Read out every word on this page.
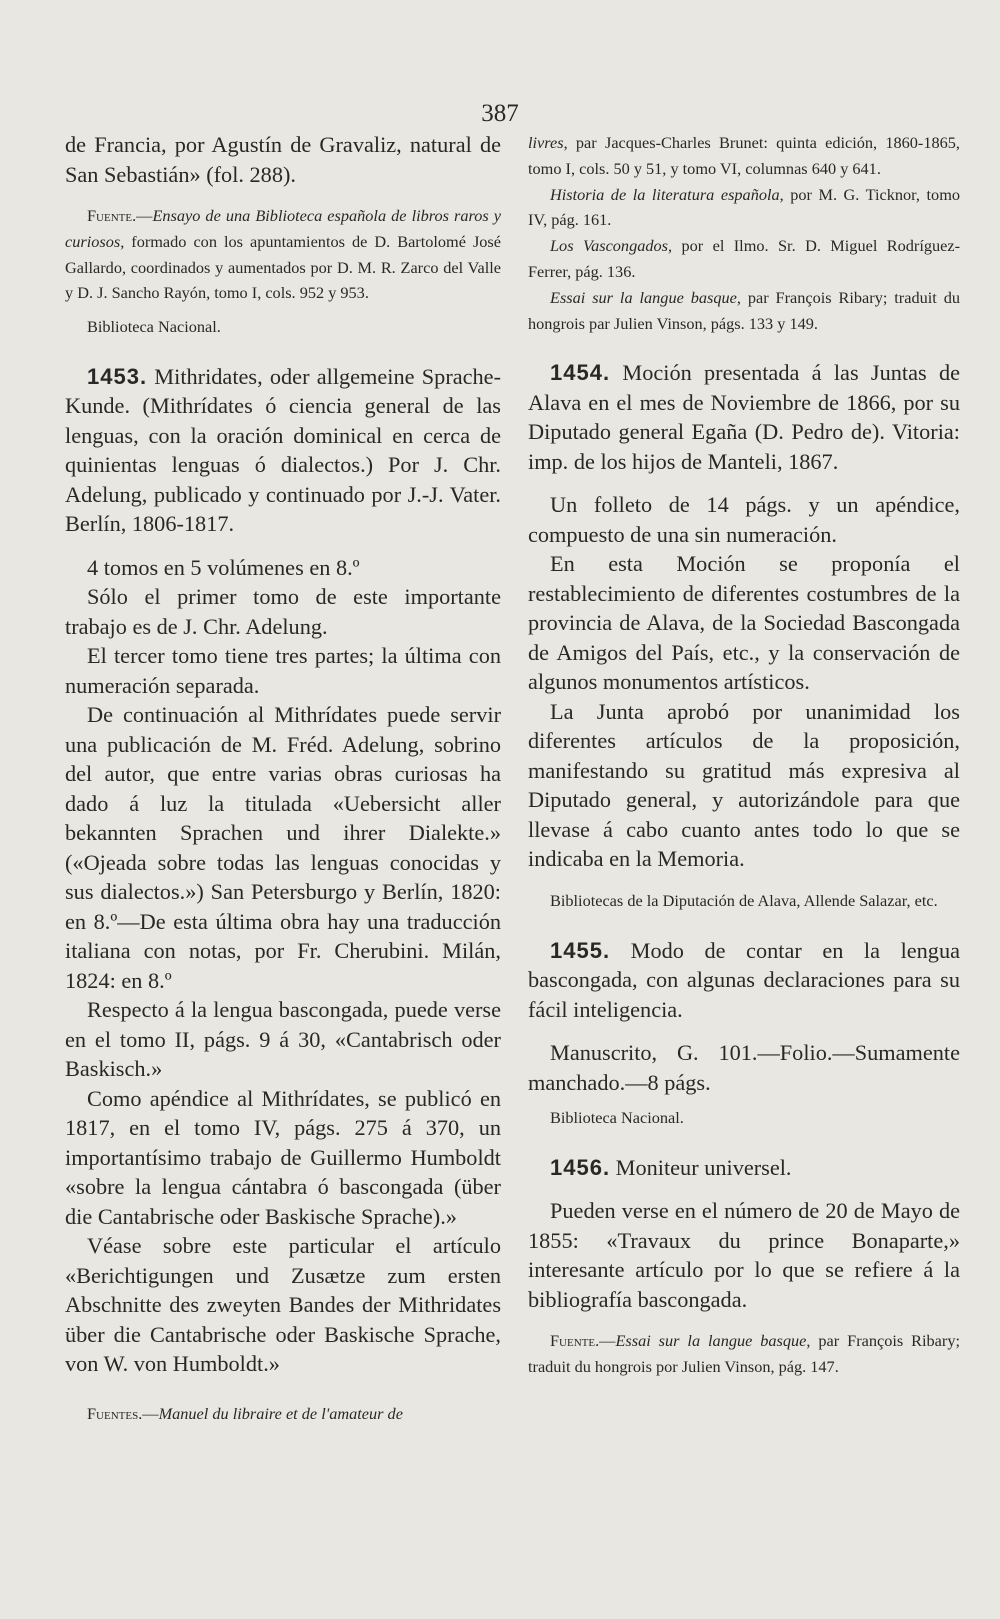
387

de Francia, por Agustín de Gravaliz, natural de San Sebastián» (fol. 288).

Fuente.—Ensayo de una Biblioteca española de libros raros y curiosos, formado con los apuntamientos de D. Bartolomé José Gallardo, coordinados y aumentados por D. M. R. Zarco del Valle y D. J. Sancho Rayón, tomo I, cols. 952 y 953.

Biblioteca Nacional.

1453. Mithridates, oder allgemeine Sprache-Kunde. (Mithrídates ó ciencia general de las lenguas, con la oración dominical en cerca de quinientas lenguas ó dialectos.) Por J. Chr. Adelung, publicado y continuado por J.-J. Vater. Berlín, 1806-1817.

4 tomos en 5 volúmenes en 8.º

Sólo el primer tomo de este importante trabajo es de J. Chr. Adelung.

El tercer tomo tiene tres partes; la última con numeración separada.

De continuación al Mithrídates puede servir una publicación de M. Fréd. Adelung, sobrino del autor, que entre varias obras curiosas ha dado á luz la titulada «Uebersicht aller bekannten Sprachen und ihrer Dialekte.» («Ojeada sobre todas las lenguas conocidas y sus dialectos.») San Petersburgo y Berlín, 1820: en 8.º—De esta última obra hay una traducción italiana con notas, por Fr. Cherubini. Milán, 1824: en 8.º

Respecto á la lengua bascongada, puede verse en el tomo II, págs. 9 á 30, «Cantabrisch oder Baskisch.»

Como apéndice al Mithrídates, se publicó en 1817, en el tomo IV, págs. 275 á 370, un importantísimo trabajo de Guillermo Humboldt «sobre la lengua cántabra ó bascongada (über die Cantabrische oder Baskische Sprache).»

Véase sobre este particular el artículo «Berichtigungen und Zusætze zum ersten Abschnitte des zweyten Bandes der Mithridates über die Cantabrische oder Baskische Sprache, von W. von Humboldt.»

Fuentes.—Manuel du libraire et de l'amateur de

livres, par Jacques-Charles Brunet: quinta edición, 1860-1865, tomo I, cols. 50 y 51, y tomo VI, columnas 640 y 641.

Historia de la literatura española, por M. G. Ticknor, tomo IV, pág. 161.

Los Vascongados, por el Ilmo. Sr. D. Miguel Rodríguez-Ferrer, pág. 136.

Essai sur la langue basque, par François Ribary; traduit du hongrois par Julien Vinson, págs. 133 y 149.

1454. Moción presentada á las Juntas de Alava en el mes de Noviembre de 1866, por su Diputado general Egaña (D. Pedro de). Vitoria: imp. de los hijos de Manteli, 1867.

Un folleto de 14 págs. y un apéndice, compuesto de una sin numeración.

En esta Moción se proponía el restablecimiento de diferentes costumbres de la provincia de Alava, de la Sociedad Bascongada de Amigos del País, etc., y la conservación de algunos monumentos artísticos.

La Junta aprobó por unanimidad los diferentes artículos de la proposición, manifestando su gratitud más expresiva al Diputado general, y autorizándole para que llevase á cabo cuanto antes todo lo que se indicaba en la Memoria.

Bibliotecas de la Diputación de Alava, Allende Salazar, etc.

1455. Modo de contar en la lengua bascongada, con algunas declaraciones para su fácil inteligencia.

Manuscrito, G. 101.—Folio.—Sumamente manchado.—8 págs.

Biblioteca Nacional.

1456. Moniteur universel.

Pueden verse en el número de 20 de Mayo de 1855: «Travaux du prince Bonaparte,» interesante artículo por lo que se refiere á la bibliografía bascongada.

Fuente.—Essai sur la langue basque, par François Ribary; traduit du hongrois por Julien Vinson, pág. 147.
